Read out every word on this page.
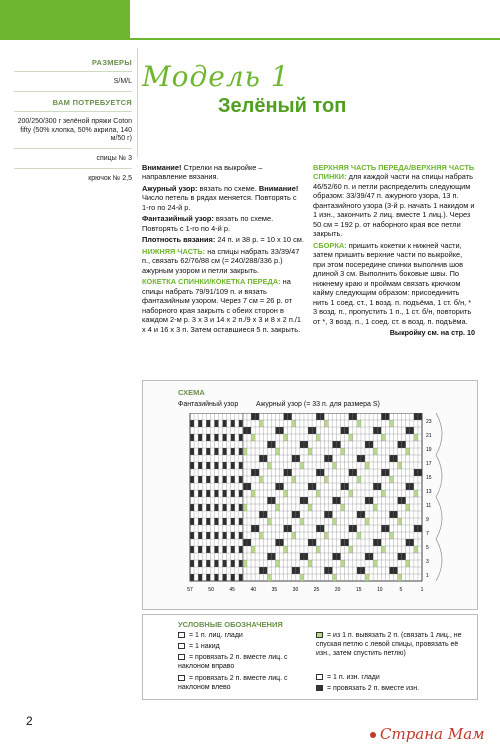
РАЗМЕРЫ
S/M/L
ВАМ ПОТРЕБУЕТСЯ
200/250/300 г зелёной пряжи Coton fifty (50% хлопка, 50% акрила, 140 м/50 г)
спицы № 3
крючок № 2,5
Модель 1
Зелёный топ

Внимание! Стрелки на выкройке – направление вязания.

Ажурный узор: вязать по схеме. Внимание! Число петель в рядах меняется. Повторять с 1-го по 24-й р.

Фантазийный узор: вязать по схеме. Повторять с 1-го по 4-й р.

Плотность вязания: 24 п. и 38 р. = 10 х 10 см.

НИЖНЯЯ ЧАСТЬ: на спицы набрать 33/39/47 п., связать 62/76/88 см (= 240/288/336 р.) ажурным узором и петли закрыть.

КОКЕТКА СПИНКИ/КОКЕТКА ПЕРЕДА: на спицы набрать 79/91/109 п. и вязать фантазийным узором. Через 7 см = 26 р. от наборного края закрыть с обеих сторон в каждом 2-м р. 3 х 3 и 14 х 2 п./9 х 3 и 8 х 2 п./1 х 4 и 16 х 3 п. Затем оставшиеся 5 п. закрыть.

ВЕРХНЯЯ ЧАСТЬ ПЕРЕДА/ВЕРХНЯЯ ЧАСТЬ СПИНКИ: для каждой части на спицы набрать 46/52/60 п. и петли распределить следующим образом: 33/39/47 п. ажурного узора, 13 п. фантазийного узора (3-й р. начать 1 накидом и 1 изн., закончить 2 лиц. вместе 1 лиц.). Через 50 см = 192 р. от наборного края все петли закрыть.

СБОРКА: пришить кокетки к нижней части, затем пришить верхние части по выкройке, при этом посередине спинки выполнив шов длиной 3 см. Выполнить боковые швы. По нижнему краю и проймам связать крючком кайму следующим образом: присоединить нить 1 соед. ст., 1 возд. п. подъёма, 1 ст. б/н, * 3 возд. п., пропустить 1 п., 1 ст. б/н, повторить от *, 3 возд. п., 1 соед. ст. в возд. п. подъёма.

Выкройку см. на стр. 10

СХЕМА
Фантазийный узор	Ажурный узор (= 33 п. для размера S)
57	50	45	40	35	30	25	20	15	10	5	1
23
21
19
17
15
13
11
9
7
5
3
1
УСЛОВНЫЕ ОБОЗНАЧЕНИЯ
= 1 п. лиц. глади
= 1 накид
= провязать 2 п. вместе лиц. с наклоном вправо
= провязать 2 п. вместе лиц. с наклоном влево
= из 1 п. вывязать 2 п. (связать 1 лиц., не спуская петлю с левой спицы, провязать её изн., затем спустить петлю)
= 1 п. изн. глади
= провязать 2 п. вместе изн.
2
Страна Мам
